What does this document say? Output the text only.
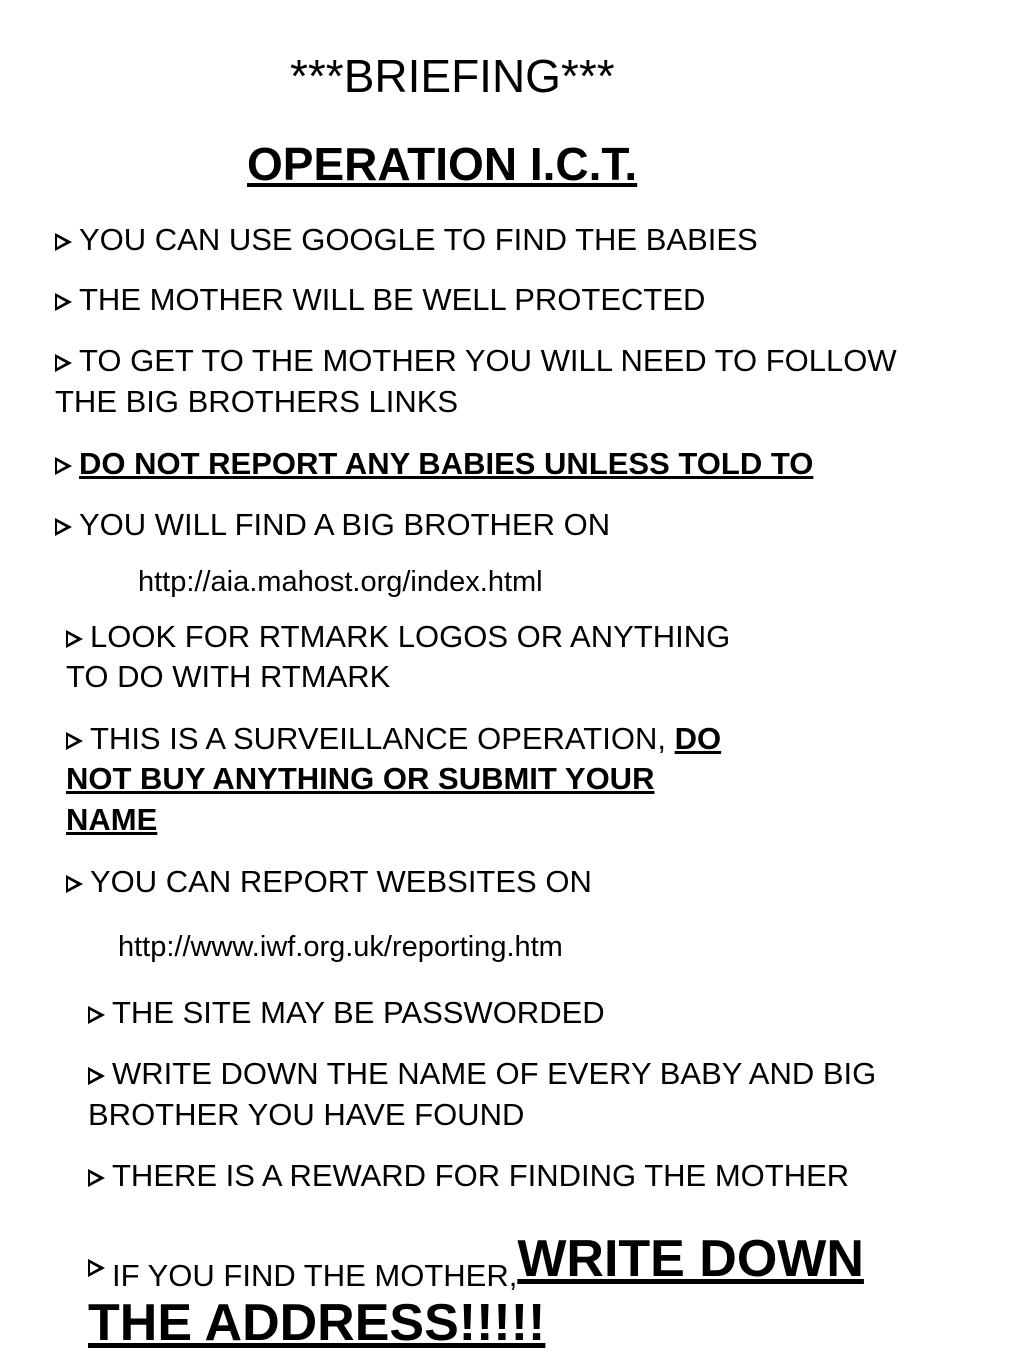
***BRIEFING***
OPERATION I.C.T.
YOU CAN USE GOOGLE TO FIND THE BABIES
THE MOTHER WILL BE WELL PROTECTED
TO GET TO THE MOTHER YOU WILL NEED TO FOLLOW
THE BIG BROTHERS LINKS
DO NOT REPORT ANY BABIES UNLESS TOLD TO
YOU WILL FIND A BIG BROTHER ON
http://aia.mahost.org/index.html
LOOK FOR RTMARK LOGOS OR ANYTHING
TO DO WITH RTMARK
THIS IS A SURVEILLANCE OPERATION, DO
NOT BUY ANYTHING OR SUBMIT YOUR
NAME
YOU CAN REPORT WEBSITES ON
http://www.iwf.org.uk/reporting.htm
THE SITE MAY BE PASSWORDED
WRITE DOWN THE NAME OF EVERY BABY AND BIG
BROTHER YOU HAVE FOUND
THERE IS A REWARD FOR FINDING THE MOTHER
IF YOU FIND THE MOTHER,WRITE DOWN
THE ADDRESS!!!!!
